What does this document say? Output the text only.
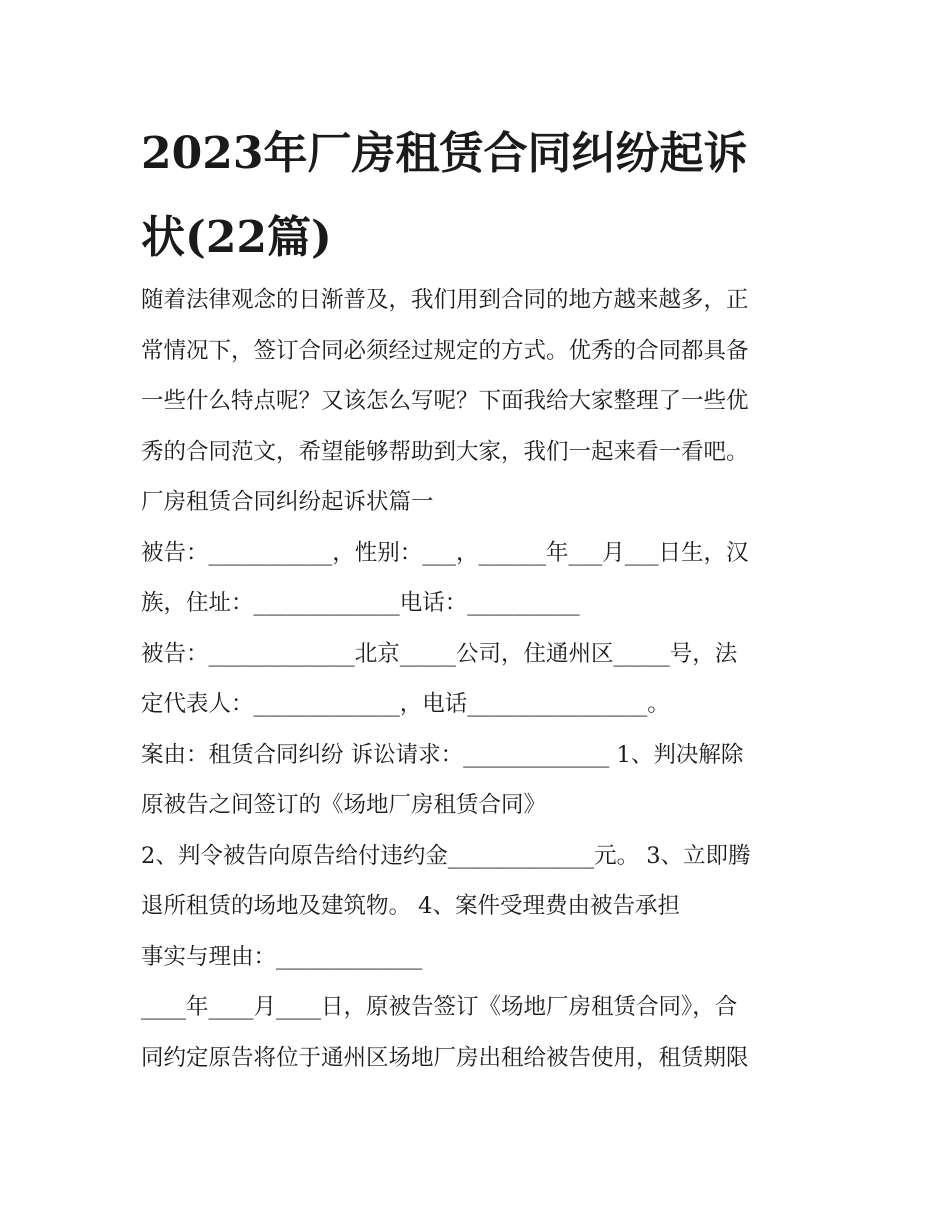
2023年厂房租赁合同纠纷起诉
状(22篇)
随着法律观念的日渐普及，我们用到合同的地方越来越多，正
常情况下，签订合同必须经过规定的方式。优秀的合同都具备
一些什么特点呢？又该怎么写呢？下面我给大家整理了一些优
秀的合同范文，希望能够帮助到大家，我们一起来看一看吧。
厂房租赁合同纠纷起诉状篇一
被告：___________，性别：___，______年___月___日生，汉
族，住址：_____________电话：__________
被告：_____________北京_____公司，住通州区_____号，法
定代表人：_____________，电话________________。
案由：租赁合同纠纷 诉讼请求：_____________ 1、判决解除
原被告之间签订的《场地厂房租赁合同》
2、判令被告向原告给付违约金_____________元。 3、立即腾
退所租赁的场地及建筑物。 4、案件受理费由被告承担
事实与理由：_____________
____年____月____日，原被告签订《场地厂房租赁合同》，合
同约定原告将位于通州区场地厂房出租给被告使用，租赁期限
